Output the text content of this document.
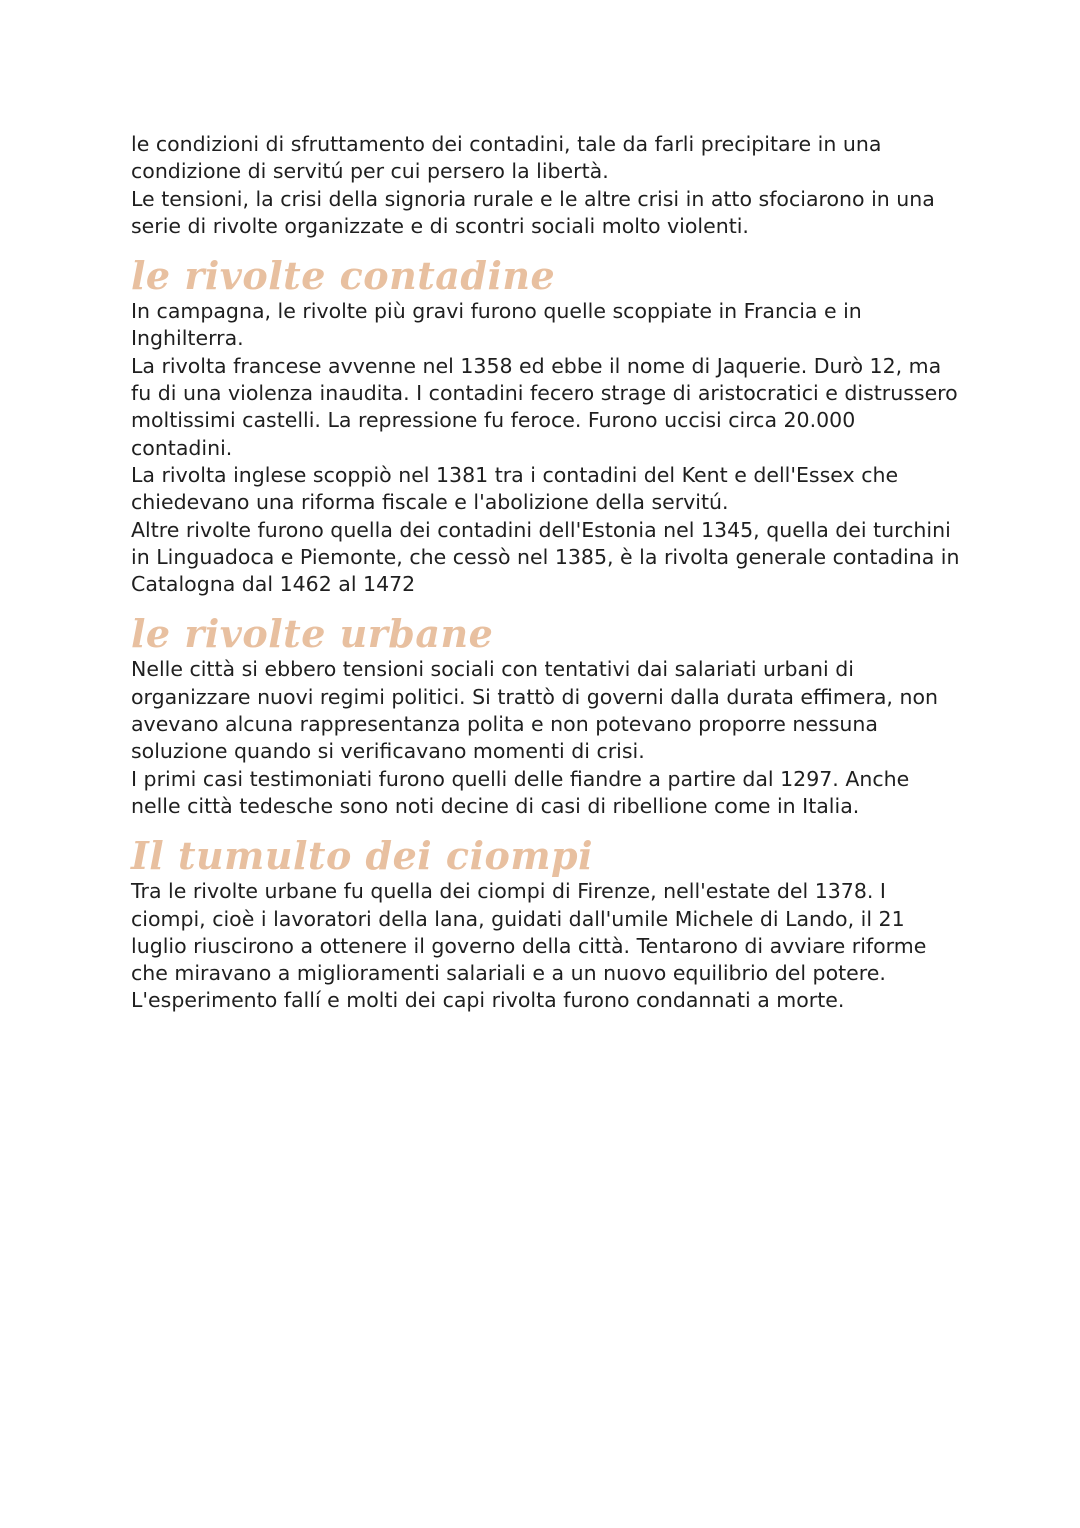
le condizioni di sfruttamento dei contadini, tale da farli precipitare in una condizione di servitú per cui persero la libertà.
Le tensioni, la crisi della signoria rurale e le altre crisi in atto sfociarono in una serie di rivolte organizzate e di scontri sociali molto violenti.

le rivolte contadine

In campagna, le rivolte più gravi furono quelle scoppiate in Francia e in Inghilterra.
La rivolta francese avvenne nel 1358 ed ebbe il nome di Jaquerie. Durò 12, ma fu di una violenza inaudita. I contadini fecero strage di aristocratici e distrussero moltissimi castelli. La repressione fu feroce. Furono uccisi circa 20.000 contadini.
La rivolta inglese scoppiò nel 1381 tra i contadini del Kent e dell'Essex che chiedevano una riforma fiscale e l'abolizione della servitú.
Altre rivolte furono quella dei contadini dell'Estonia nel 1345, quella dei turchini in Linguadoca e Piemonte, che cessò nel 1385, è la rivolta generale contadina in Catalogna dal 1462 al 1472

le rivolte urbane

Nelle città si ebbero tensioni sociali con tentativi dai salariati urbani di organizzare nuovi regimi politici. Si trattò di governi dalla durata effimera, non avevano alcuna rappresentanza polita e non potevano proporre nessuna soluzione quando si verificavano momenti di crisi.
I primi casi testimoniati furono quelli delle fiandre a partire dal 1297. Anche nelle città tedesche sono noti decine di casi di ribellione come in Italia.

Il tumulto dei ciompi

Tra le rivolte urbane fu quella dei ciompi di Firenze, nell'estate del 1378. I ciompi, cioè i lavoratori della lana, guidati dall'umile Michele di Lando, il 21 luglio riuscirono a ottenere il governo della città. Tentarono di avviare riforme che miravano a miglioramenti salariali e a un nuovo equilibrio del potere. L'esperimento fallí e molti dei capi rivolta furono condannati a morte.
